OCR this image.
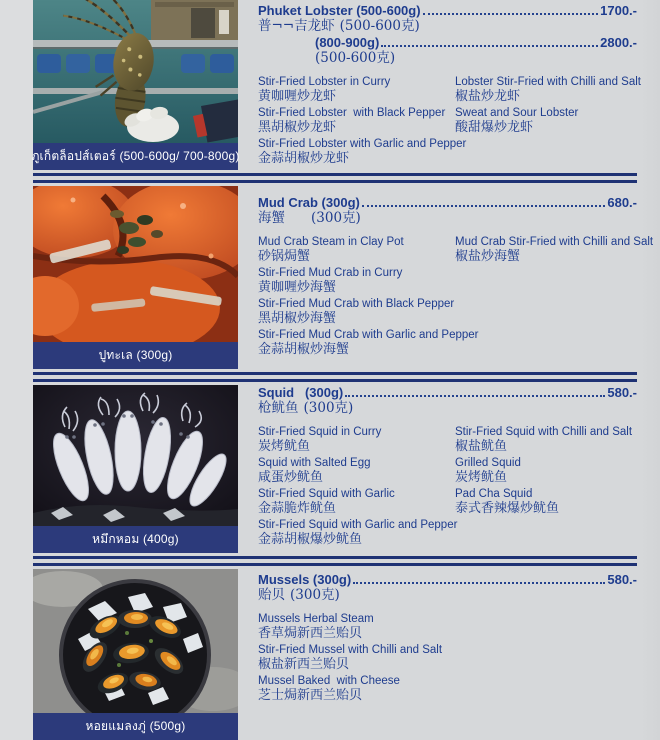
ภูเก็ตล็อปส์เตอร์ (500-600g/ 700-800g)
Phuket Lobster (500-600g)	1700.-
普¬¬吉龙虾 (500-600克)
(800-900g)	2800.-
(500-600克)
Stir-Fried Lobster in Curry
黄咖喱炒龙虾
Stir-Fried Lobster  with Black Pepper
黑胡椒炒龙虾
Stir-Fried Lobster with Garlic and Pepper
金蒜胡椒炒龙虾
Lobster Stir-Fried with Chilli and Salt
椒盐炒龙虾
Sweat and Sour Lobster
酸甜爆炒龙虾
ปูทะเล (300g)
Mud Crab (300g)	680.-
海蟹 (300克)
Mud Crab Steam in Clay Pot
砂锅焗蟹
Stir-Fried Mud Crab in Curry
黄咖喱炒海蟹
Stir-Fried Mud Crab with Black Pepper
黑胡椒炒海蟹
Stir-Fried Mud Crab with Garlic and Pepper
金蒜胡椒炒海蟹
Mud Crab Stir-Fried with Chilli and Salt
椒盐炒海蟹
หมึกหอม (400g)
Squid   (300g)	580.-
枪鱿鱼 (300克)
Stir-Fried Squid in Curry
炭烤鱿鱼
Squid with Salted Egg
咸蛋炒鱿鱼
Stir-Fried Squid with Garlic
金蒜脆炸鱿鱼
Stir-Fried Squid with Garlic and Pepper
金蒜胡椒爆炒鱿鱼
Stir-Fried Squid with Chilli and Salt
椒盐鱿鱼
Grilled Squid
炭烤鱿鱼
Pad Cha Squid
泰式香辣爆炒鱿鱼
หอยแมลงภู่ (500g)
Mussels (300g)	580.-
贻贝 (300克)
Mussels Herbal Steam
香草焗新西兰贻贝
Stir-Fried Mussel with Chilli and Salt
椒盐新西兰贻贝
Mussel Baked  with Cheese
芝士焗新西兰贻贝
